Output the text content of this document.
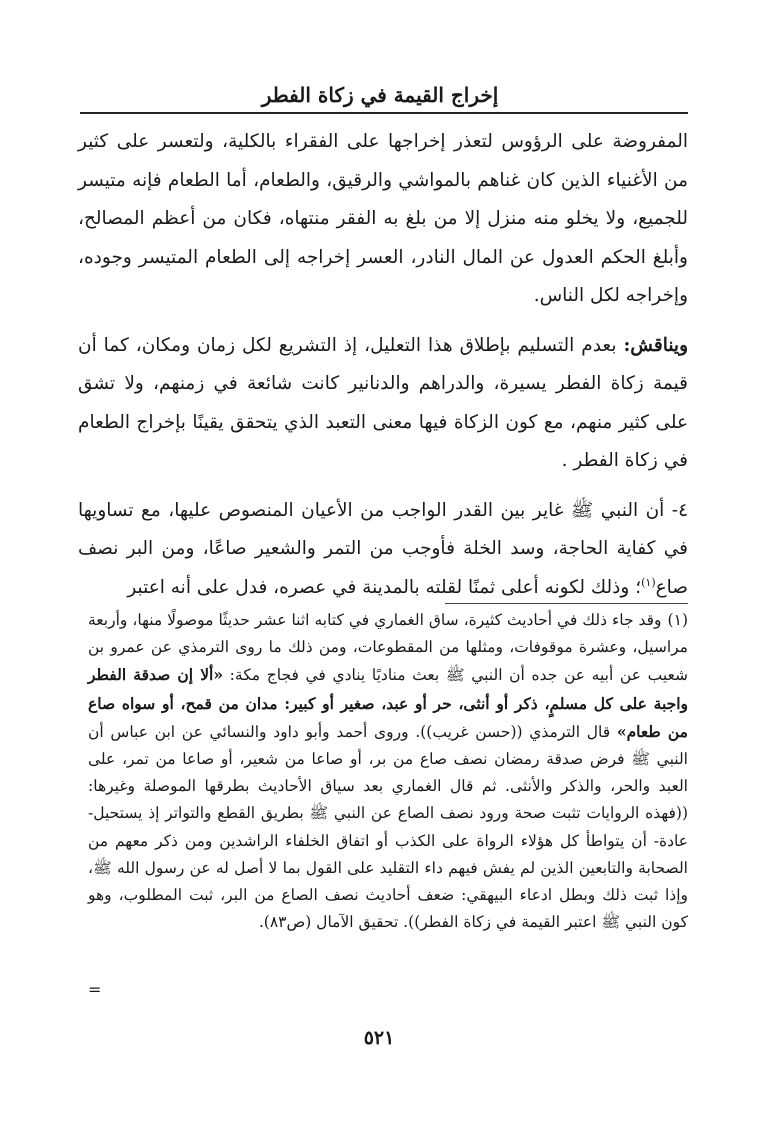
إخراج القيمة في زكاة الفطر

المفروضة على الرؤوس لتعذر إخراجها على الفقراء بالكلية، ولتعسر على كثير من الأغنياء الذين كان غناهم بالمواشي والرقيق، والطعام، أما الطعام فإنه متيسر للجميع، ولا يخلو منه منزل إلا من بلغ به الفقر منتهاه، فكان من أعظم المصالح، وأبلغ الحكم العدول عن المال النادر، العسر إخراجه إلى الطعام المتيسر وجوده، وإخراجه لكل الناس.

ويناقش: بعدم التسليم بإطلاق هذا التعليل، إذ التشريع لكل زمان ومكان، كما أن قيمة زكاة الفطر يسيرة، والدراهم والدنانير كانت شائعة في زمنهم، ولا تشق على كثير منهم، مع كون الزكاة فيها معنى التعبد الذي يتحقق يقينًا بإخراج الطعام في زكاة الفطر .

٤- أن النبي ﷺ غاير بين القدر الواجب من الأعيان المنصوص عليها، مع تساويها في كفاية الحاجة، وسد الخلة فأوجب من التمر والشعير صاعًا، ومن البر نصف صاع$^{(١)}$؛ وذلك لكونه أعلى ثمنًا لقلته بالمدينة في عصره، فدل على أنه اعتبر

(١)وقد جاء ذلك في أحاديث كثيرة، ساق الغماري في كتابه اثنا عشر حديثًا موصولًا منها، وأربعة مراسيل، وعشرة موقوفات، ومثلها من المقطوعات، ومن ذلك ما روى الترمذي عن عمرو بن شعيب عن أبيه عن جده أن النبي ﷺ بعث مناديًا ينادي في فجاج مكة: «ألا إن صدقة الفطر واجبة على كل مسلمٍ، ذكر أو أنثى، حر أو عبد، صغير أو كبير: مدان من قمح، أو سواه صاع من طعام» قال الترمذي ((حسن غريب)). وروى أحمد وأبو داود والنسائي عن ابن عباس أن النبي ﷺ فرض صدقة رمضان نصف صاع من بر، أو صاعا من شعير، أو صاعا من تمر، على العبد والحر، والذكر والأنثى. ثم قال الغماري بعد سياق الأحاديث بطرقها الموصلة وغيرها: ((فهذه الروايات تثبت صحة ورود نصف الصاع عن النبي ﷺ بطريق القطع والتواتر إذ يستحيل-عادة- أن يتواطأ كل هؤلاء الرواة على الكذب أو اتفاق الخلفاء الراشدين ومن ذكر معهم من الصحابة والتابعين الذين لم يفش فيهم داء التقليد على القول بما لا أصل له عن رسول الله ﷺ، وإذا ثبت ذلك وبطل ادعاء البيهقي: ضعف أحاديث نصف الصاع من البر، ثبت المطلوب، وهو كون النبي ﷺ اعتبر القيمة في زكاة الفطر)). تحقيق الآمال (ص٨٣).

=
٥٢١
